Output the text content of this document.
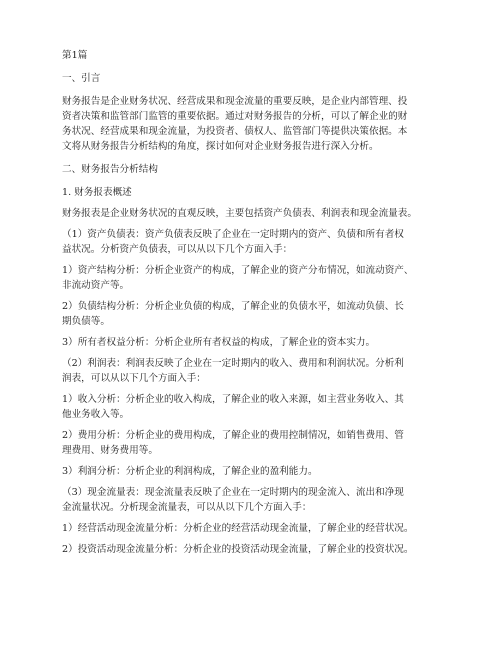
第1篇

一、引言

财务报告是企业财务状况、经营成果和现金流量的重要反映，是企业内部管理、投

资者决策和监管部门监管的重要依据。通过对财务报告的分析，可以了解企业的财

务状况、经营成果和现金流量，为投资者、债权人、监管部门等提供决策依据。本

文将从财务报告分析结构的角度，探讨如何对企业财务报告进行深入分析。

二、财务报告分析结构

1. 财务报表概述

财务报表是企业财务状况的直观反映，主要包括资产负债表、利润表和现金流量表。

（1）资产负债表：资产负债表反映了企业在一定时期内的资产、负债和所有者权

益状况。分析资产负债表，可以从以下几个方面入手：

1）资产结构分析：分析企业资产的构成，了解企业的资产分布情况，如流动资产、

非流动资产等。

2）负债结构分析：分析企业负债的构成，了解企业的负债水平，如流动负债、长

期负债等。

3）所有者权益分析：分析企业所有者权益的构成，了解企业的资本实力。

（2）利润表：利润表反映了企业在一定时期内的收入、费用和利润状况。分析利

润表，可以从以下几个方面入手：

1）收入分析：分析企业的收入构成，了解企业的收入来源，如主营业务收入、其

他业务收入等。

2）费用分析：分析企业的费用构成，了解企业的费用控制情况，如销售费用、管

理费用、财务费用等。

3）利润分析：分析企业的利润构成，了解企业的盈利能力。

（3）现金流量表：现金流量表反映了企业在一定时期内的现金流入、流出和净现

金流量状况。分析现金流量表，可以从以下几个方面入手：

1）经营活动现金流量分析：分析企业的经营活动现金流量，了解企业的经营状况。

2）投资活动现金流量分析：分析企业的投资活动现金流量，了解企业的投资状况。
